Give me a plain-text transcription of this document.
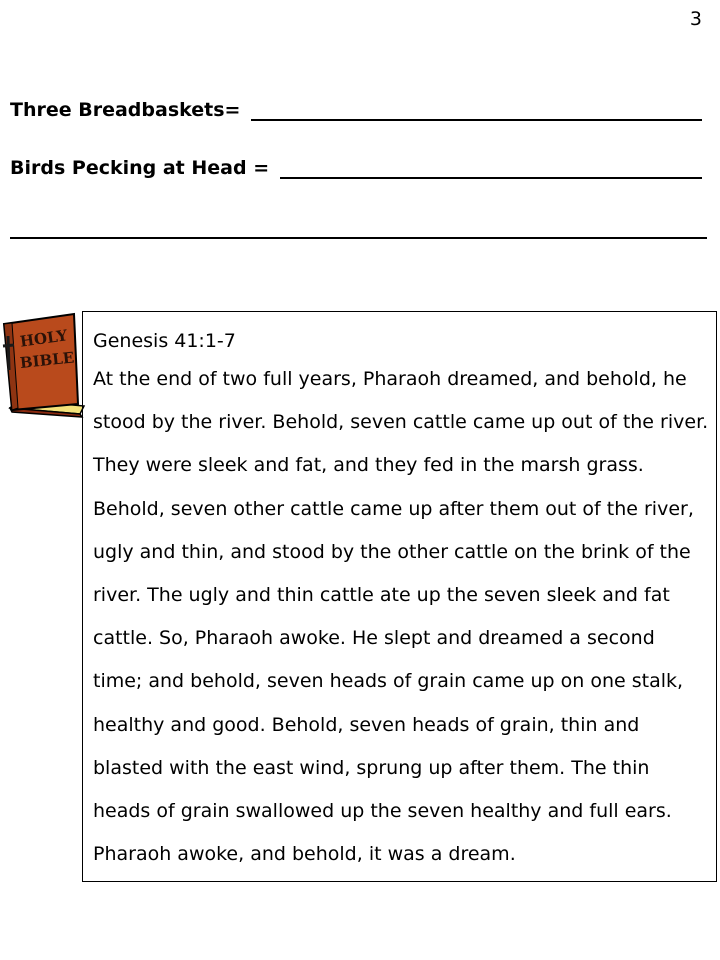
3
Three Breadbaskets=
Birds Pecking at Head =
HOLY
BIBLE
Genesis 41:1-7
At the end of two full years, Pharaoh dreamed, and behold, he stood by the river. Behold, seven cattle came up out of the river. They were sleek and fat, and they fed in the marsh grass. Behold, seven other cattle came up after them out of the river, ugly and thin, and stood by the other cattle on the brink of the river. The ugly and thin cattle ate up the seven sleek and fat cattle. So, Pharaoh awoke. He slept and dreamed a second time; and behold, seven heads of grain came up on one stalk, healthy and good. Behold, seven heads of grain, thin and blasted with the east wind, sprung up after them. The thin heads of grain swallowed up the seven healthy and full ears. Pharaoh awoke, and behold, it was a dream.
